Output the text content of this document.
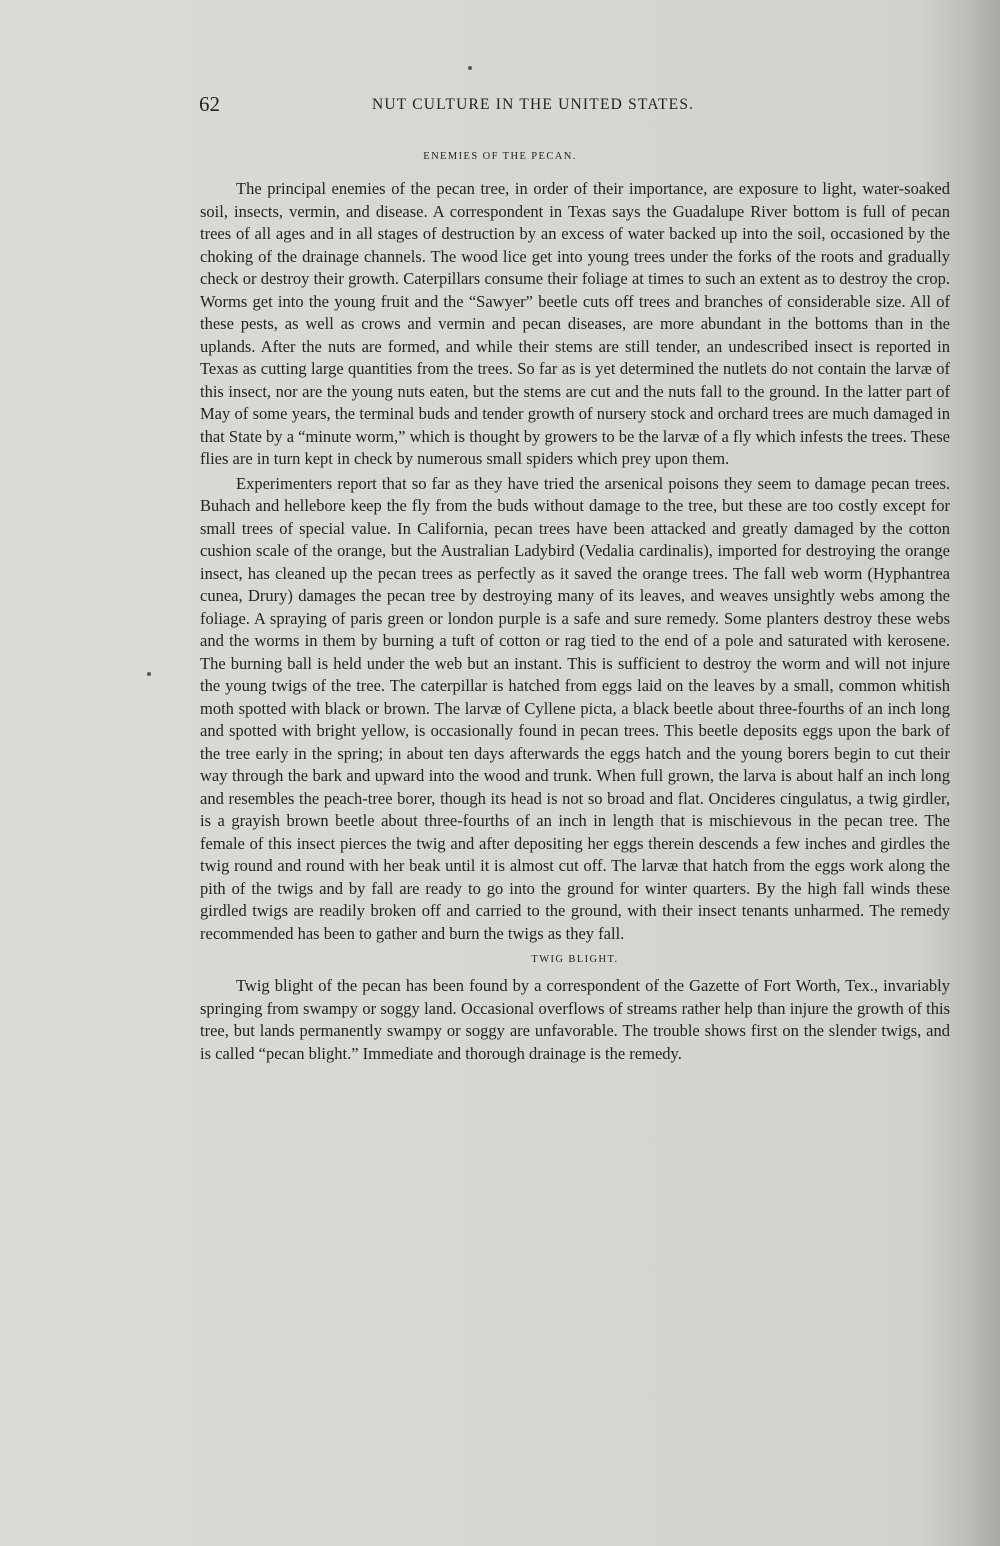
62	NUT CULTURE IN THE UNITED STATES.
ENEMIES OF THE PECAN.

The principal enemies of the pecan tree, in order of their importance, are exposure to light, water-soaked soil, insects, vermin, and disease. A correspondent in Texas says the Guadalupe River bottom is full of pecan trees of all ages and in all stages of destruction by an excess of water backed up into the soil, occasioned by the choking of the drainage channels. The wood lice get into young trees under the forks of the roots and gradually check or destroy their growth. Caterpillars consume their foliage at times to such an extent as to destroy the crop. Worms get into the young fruit and the “Sawyer” beetle cuts off trees and branches of considerable size. All of these pests, as well as crows and vermin and pecan diseases, are more abundant in the bottoms than in the uplands. After the nuts are formed, and while their stems are still tender, an undescribed insect is reported in Texas as cutting large quantities from the trees. So far as is yet determined the nutlets do not contain the larvæ of this insect, nor are the young nuts eaten, but the stems are cut and the nuts fall to the ground. In the latter part of May of some years, the terminal buds and tender growth of nursery stock and orchard trees are much damaged in that State by a “minute worm,” which is thought by growers to be the larvæ of a fly which infests the trees. These flies are in turn kept in check by numerous small spiders which prey upon them.

Experimenters report that so far as they have tried the arsenical poisons they seem to damage pecan trees. Buhach and hellebore keep the fly from the buds without damage to the tree, but these are too costly except for small trees of special value. In California, pecan trees have been attacked and greatly damaged by the cotton cushion scale of the orange, but the Australian Ladybird (Vedalia cardinalis), imported for destroying the orange insect, has cleaned up the pecan trees as perfectly as it saved the orange trees. The fall web worm (Hyphantrea cunea, Drury) damages the pecan tree by destroying many of its leaves, and weaves unsightly webs among the foliage. A spraying of paris green or london purple is a safe and sure remedy. Some planters destroy these webs and the worms in them by burning a tuft of cotton or rag tied to the end of a pole and saturated with kerosene. The burning ball is held under the web but an instant. This is sufficient to destroy the worm and will not injure the young twigs of the tree. The caterpillar is hatched from eggs laid on the leaves by a small, common whitish moth spotted with black or brown. The larvæ of Cyllene picta, a black beetle about three-fourths of an inch long and spotted with bright yellow, is occasionally found in pecan trees. This beetle deposits eggs upon the bark of the tree early in the spring; in about ten days afterwards the eggs hatch and the young borers begin to cut their way through the bark and upward into the wood and trunk. When full grown, the larva is about half an inch long and resembles the peach-tree borer, though its head is not so broad and flat. Oncideres cingulatus, a twig girdler, is a grayish brown beetle about three-fourths of an inch in length that is mischievous in the pecan tree. The female of this insect pierces the twig and after depositing her eggs therein descends a few inches and girdles the twig round and round with her beak until it is almost cut off. The larvæ that hatch from the eggs work along the pith of the twigs and by fall are ready to go into the ground for winter quarters. By the high fall winds these girdled twigs are readily broken off and carried to the ground, with their insect tenants unharmed. The remedy recommended has been to gather and burn the twigs as they fall.

TWIG BLIGHT.

Twig blight of the pecan has been found by a correspondent of the Gazette of Fort Worth, Tex., invariably springing from swampy or soggy land. Occasional overflows of streams rather help than injure the growth of this tree, but lands permanently swampy or soggy are unfavorable. The trouble shows first on the slender twigs, and is called “pecan blight.” Immediate and thorough drainage is the remedy.
